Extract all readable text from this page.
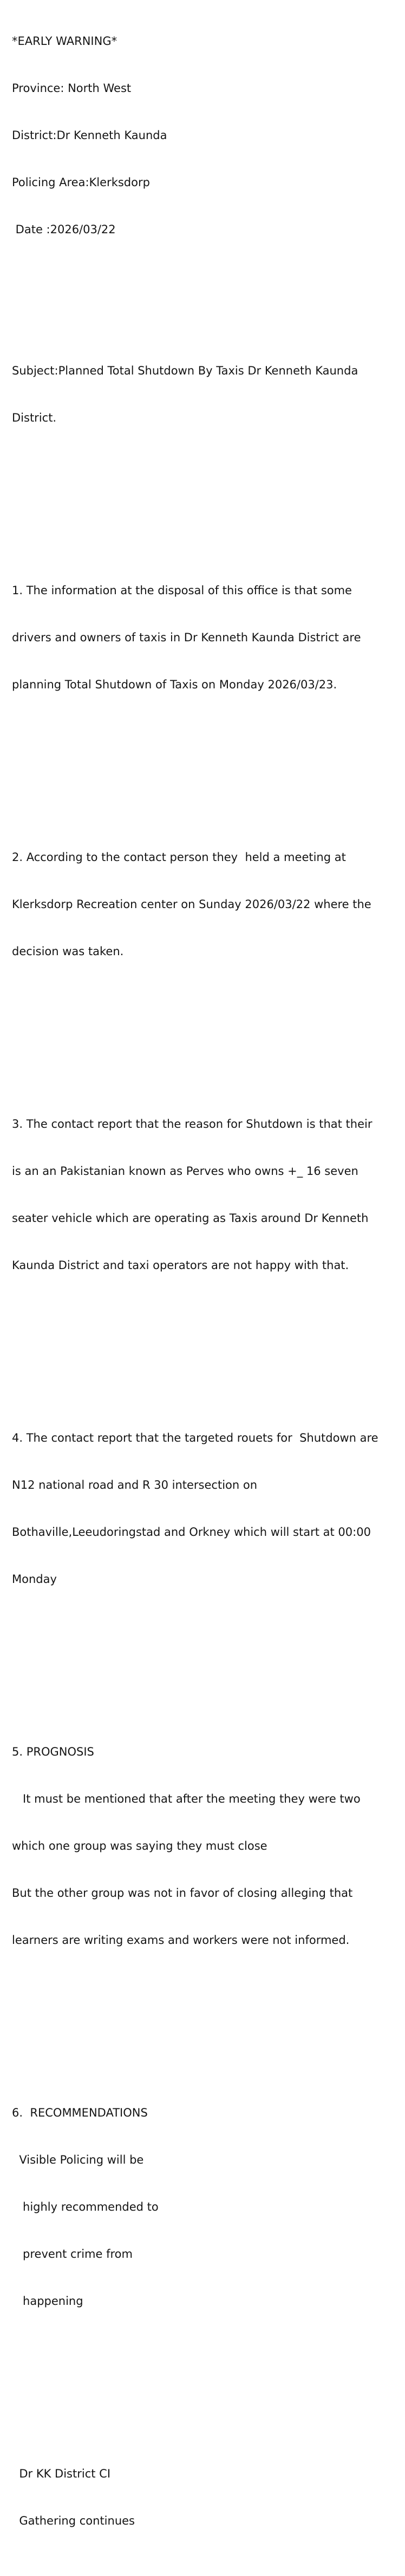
*EARLY WARNING*

Province: North West

District:Dr Kenneth Kaunda

Policing Area:Klerksdorp

Date :2026/03/22

Subject:Planned Total Shutdown By Taxis Dr Kenneth Kaunda

District.

1. The information at the disposal of this office is that some

drivers and owners of taxis in Dr Kenneth Kaunda District are

planning Total Shutdown of Taxis on Monday 2026/03/23.

2. According to the contact person they  held a meeting at

Klerksdorp Recreation center on Sunday 2026/03/22 where the

decision was taken.

3. The contact report that the reason for Shutdown is that their

is an an Pakistanian known as Perves who owns +_ 16 seven

seater vehicle which are operating as Taxis around Dr Kenneth

Kaunda District and taxi operators are not happy with that.

4. The contact report that the targeted rouets for  Shutdown are

N12 national road and R 30 intersection on

Bothaville,Leeudoringstad and Orkney which will start at 00:00

Monday

5. PROGNOSIS

It must be mentioned that after the meeting they were two

which one group was saying they must close

But the other group was not in favor of closing alleging that

learners are writing exams and workers were not informed.

6.  RECOMMENDATIONS

Visible Policing will be

highly recommended to

prevent crime from

happening

Dr KK District CI

Gathering continues
